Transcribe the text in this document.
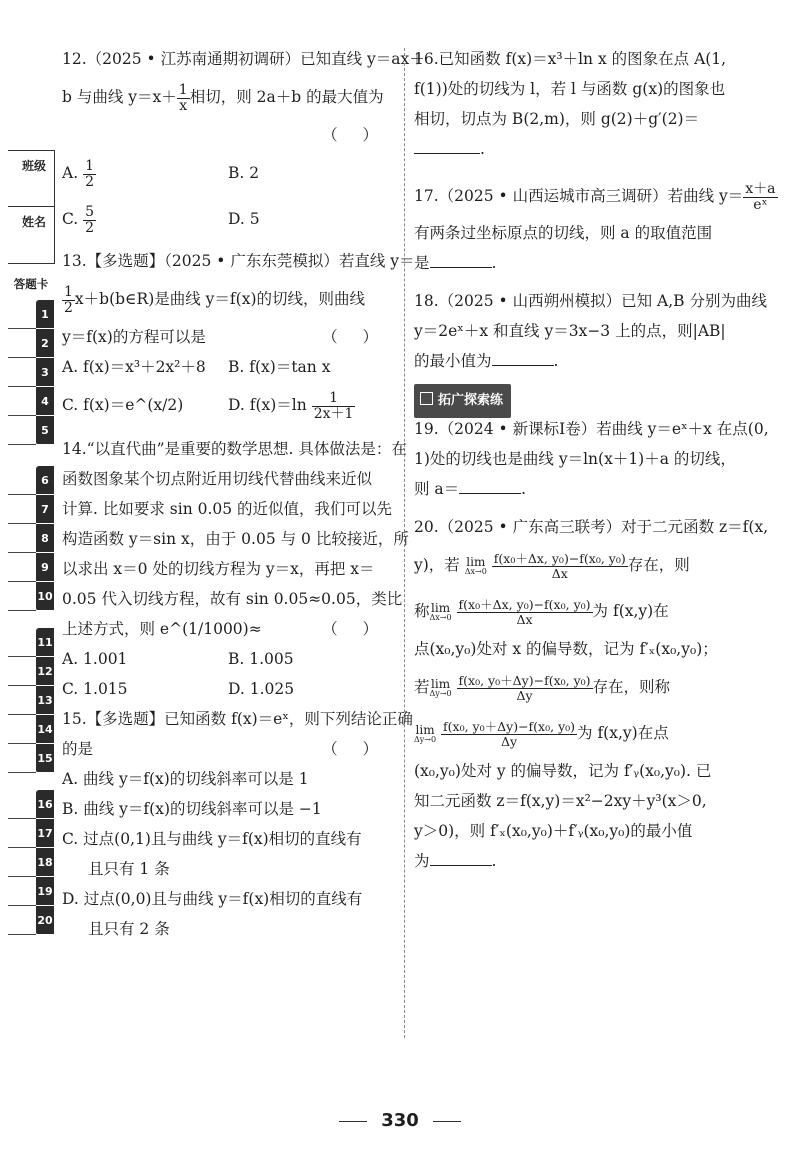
班级
姓名
答题卡
1
2
3
4
5
6
7
8
9
10
11
12
13
14
15
16
17
18
19
20
12.（2025 • 江苏南通期初调研）已知直线 y＝ax＋
b 与曲线 $y=x+ \frac{1}{x}$ 相切，则 2a＋b 的最大值为
（ ）
A. $\frac{1}{2}$	B. 2
C. $\frac{5}{2}$	D. 5
13.【多选题】（2025 • 广东东莞模拟）若直线 y＝
$\frac{1}{2}$ x＋b(b∈R)是曲线 y＝f(x)的切线，则曲线
y＝f(x)的方程可以是	（ ）
A. f(x)＝x³＋2x²＋8 B. f(x)＝tan x
C. f(x)＝e^(x/2)	D. $f(x)=\ln \frac{1}{2x+1}$
14.“以直代曲”是重要的数学思想. 具体做法是：在
函数图象某个切点附近用切线代替曲线来近似
计算. 比如要求 sin 0.05 的近似值，我们可以先
构造函数 y＝sin x，由于 0.05 与 0 比较接近，所
以求出 x＝0 处的切线方程为 y＝x，再把 x＝
0.05 代入切线方程，故有 sin 0.05≈0.05，类比
上述方式，则 e^(1/1000)≈	（ ）
A. 1.001	B. 1.005
C. 1.015	D. 1.025
15.【多选题】已知函数 f(x)＝eˣ，则下列结论正确
的是	（ ）
A. 曲线 y＝f(x)的切线斜率可以是 1
B. 曲线 y＝f(x)的切线斜率可以是 −1
C. 过点(0,1)且与曲线 y＝f(x)相切的直线有
且只有 1 条
D. 过点(0,0)且与曲线 y＝f(x)相切的直线有
且只有 2 条
16.已知函数 f(x)＝x³＋ln x 的图象在点 A(1,
f(1))处的切线为 l，若 l 与函数 g(x)的图象也
相切，切点为 B(2,m)，则 g(2)＋g′(2)＝
.
17.（2025 • 山西运城市高三调研）若曲线 $y= \frac{x+a}{\text{eˣ}}$
有两条过坐标原点的切线，则 a 的取值范围
是	.
18.（2025 • 山西朔州模拟）已知 A,B 分别为曲线
y＝2eˣ＋x 和直线 y＝3x−3 上的点，则|AB|
的最小值为	.
拓广探索练
19.（2024 • 新课标Ⅰ卷）若曲线 y＝eˣ＋x 在点(0,
1)处的切线也是曲线 y＝ln(x＋1)＋a 的切线，
则 a＝	.
20.（2025 • 广东高三联考）对于二元函数 z＝f(x,
y)，若 lim
Δx→0
$\frac{\text{f(x₀＋Δx, y₀)−f(x₀, y₀)}}{\Delta x}$ 存在，则
称 lim
Δx→0
$\frac{\text{f(x₀＋Δx, y₀)−f(x₀, y₀)}}{\Delta x}$ 为 f(x,y)在
点(x₀,y₀)处对 x 的偏导数，记为 f′ₓ(x₀,y₀)；
若 lim
Δy→0
$\frac{\text{f(x₀, y₀＋Δy)−f(x₀, y₀)}}{\Delta y}$ 存在，则称
lim
Δy→0
$\frac{\text{f(x₀, y₀＋Δy)−f(x₀, y₀)}}{\Delta y}$ 为 f(x,y)在点
(x₀,y₀)处对 y 的偏导数，记为 f′ᵧ(x₀,y₀). 已
知二元函数 z＝f(x,y)＝x²−2xy＋y³(x＞0,
y＞0)，则 f′ₓ(x₀,y₀)＋f′ᵧ(x₀,y₀)的最小值
为	.
330
